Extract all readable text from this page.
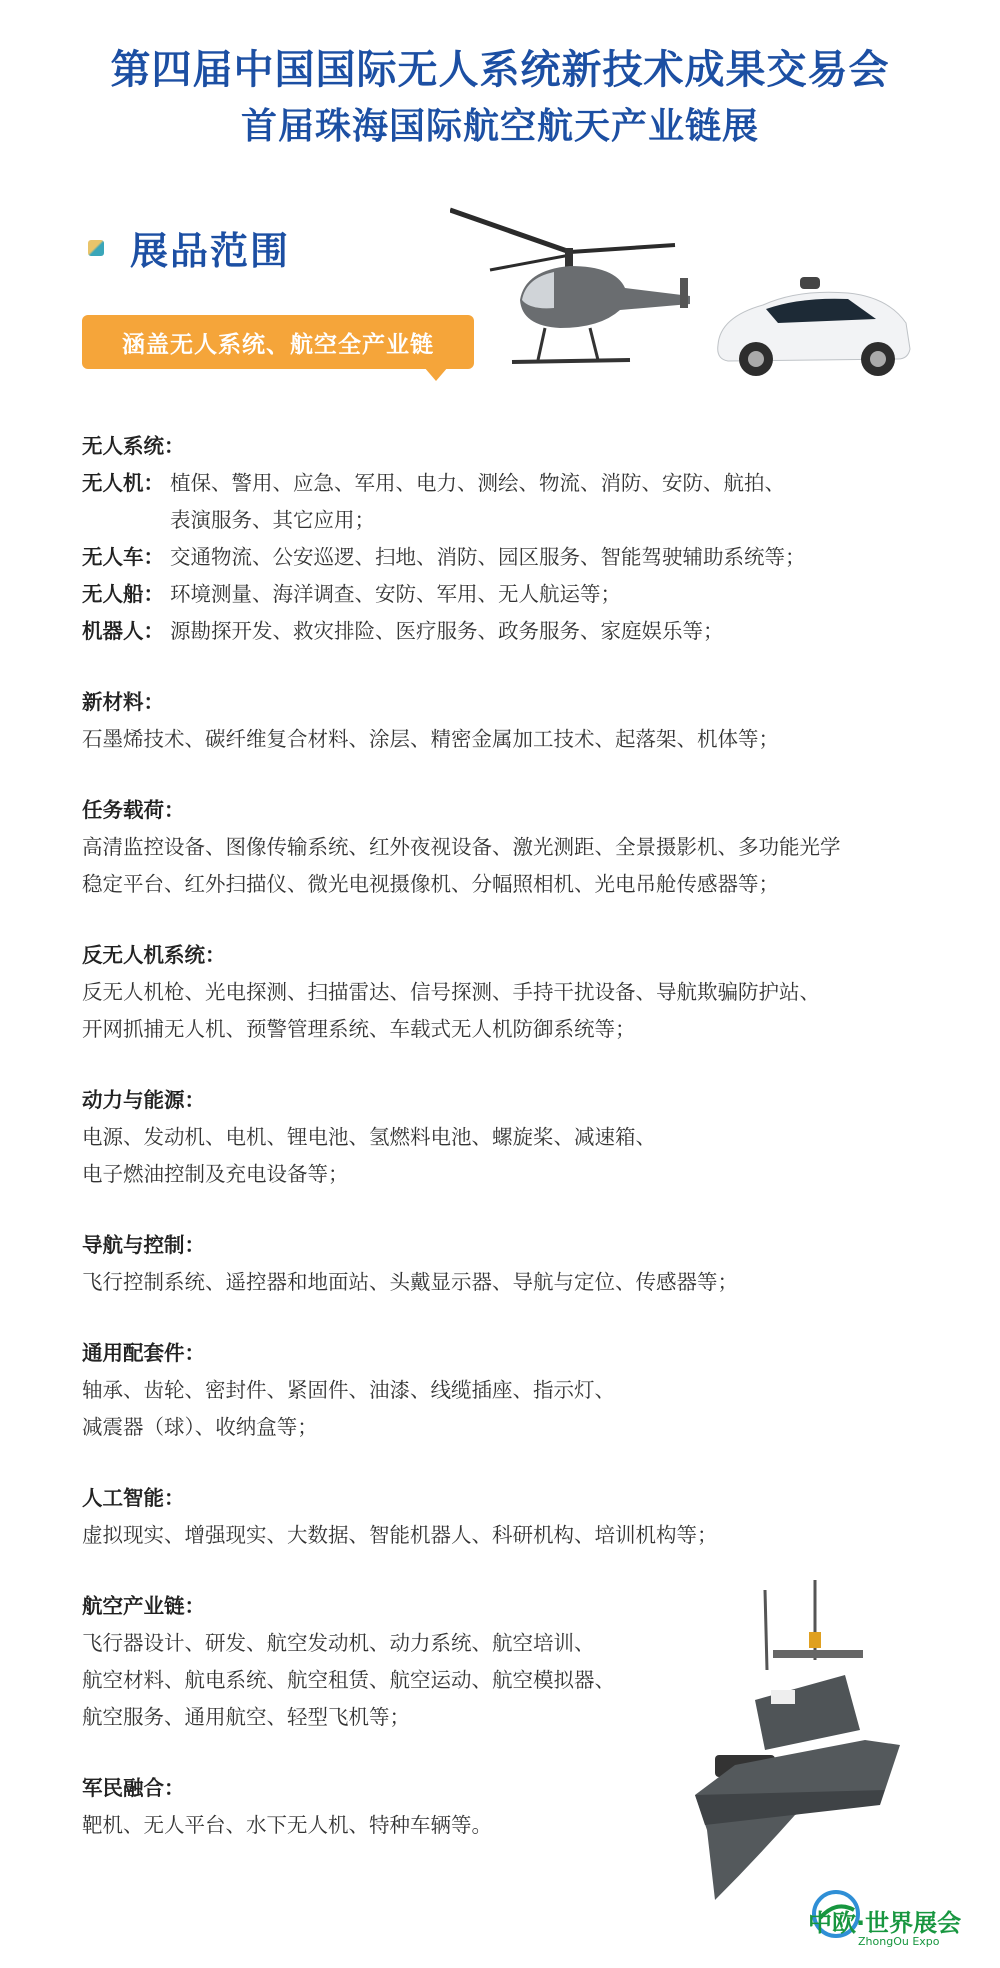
第四届中国国际无人系统新技术成果交易会
首届珠海国际航空航天产业链展
展品范围
涵盖无人系统、航空全产业链
无人系统：
无人机： 植保、警用、应急、军用、电力、测绘、物流、消防、安防、航拍、
表演服务、其它应用；
无人车： 交通物流、公安巡逻、扫地、消防、园区服务、智能驾驶辅助系统等；
无人船： 环境测量、海洋调查、安防、军用、无人航运等；
机器人： 源勘探开发、救灾排险、医疗服务、政务服务、家庭娱乐等；
新材料：
石墨烯技术、碳纤维复合材料、涂层、精密金属加工技术、起落架、机体等；
任务载荷：
高清监控设备、图像传输系统、红外夜视设备、激光测距、全景摄影机、多功能光学
稳定平台、红外扫描仪、微光电视摄像机、分幅照相机、光电吊舱传感器等；
反无人机系统：
反无人机枪、光电探测、扫描雷达、信号探测、手持干扰设备、导航欺骗防护站、
开网抓捕无人机、预警管理系统、车载式无人机防御系统等；
动力与能源：
电源、发动机、电机、锂电池、氢燃料电池、螺旋桨、减速箱、
电子燃油控制及充电设备等；
导航与控制：
飞行控制系统、遥控器和地面站、头戴显示器、导航与定位、传感器等；
通用配套件：
轴承、齿轮、密封件、紧固件、油漆、线缆插座、指示灯、
减震器（球）、收纳盒等；
人工智能：
虚拟现实、增强现实、大数据、智能机器人、科研机构、培训机构等；
航空产业链：
飞行器设计、研发、航空发动机、动力系统、航空培训、
航空材料、航电系统、航空租赁、航空运动、航空模拟器、
航空服务、通用航空、轻型飞机等；
军民融合：
靶机、无人平台、水下无人机、特种车辆等。
中欧·世界展会
ZhongOu Expo
